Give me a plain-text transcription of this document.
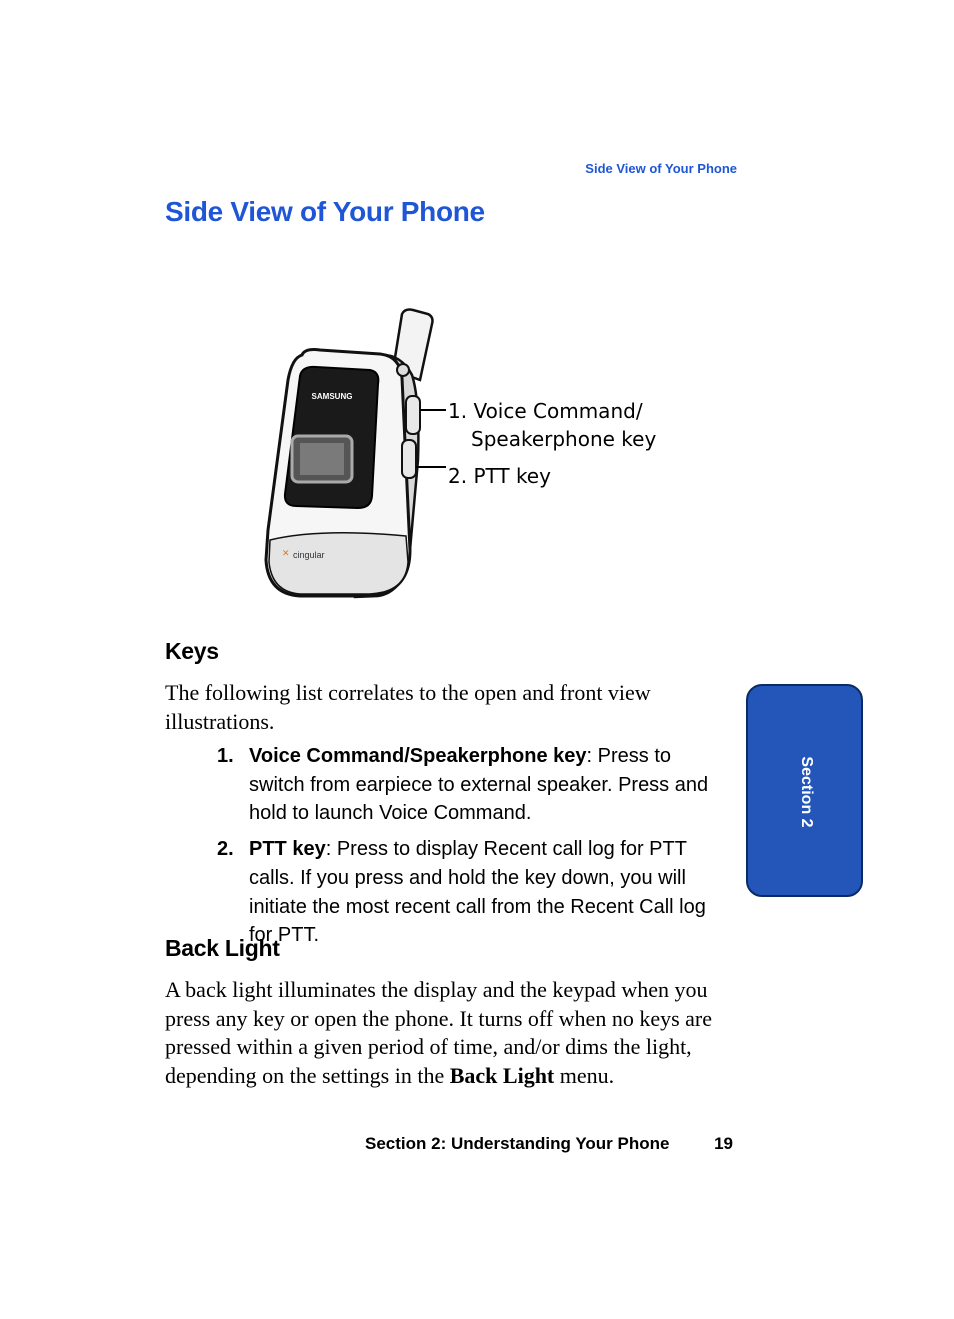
Side View of Your Phone
Side View of Your Phone
SAMSUNG
✕ cingular
1. Voice Command/
Speakerphone key
2. PTT key
Keys

The following list correlates to the open and front view illustrations.

1. Voice Command/Speakerphone key: Press to switch from earpiece to external speaker. Press and hold to launch Voice Command.

2. PTT key: Press to display Recent call log for PTT calls. If you press and hold the key down, you will initiate the most recent call from the Recent Call log for PTT.

Back Light

A back light illuminates the display and the keypad when you press any key or open the phone. It turns off when no keys are pressed within a given period of time, and/or dims the light, depending on the settings in the Back Light menu.

Section 2: Understanding Your Phone	19
Section 2
